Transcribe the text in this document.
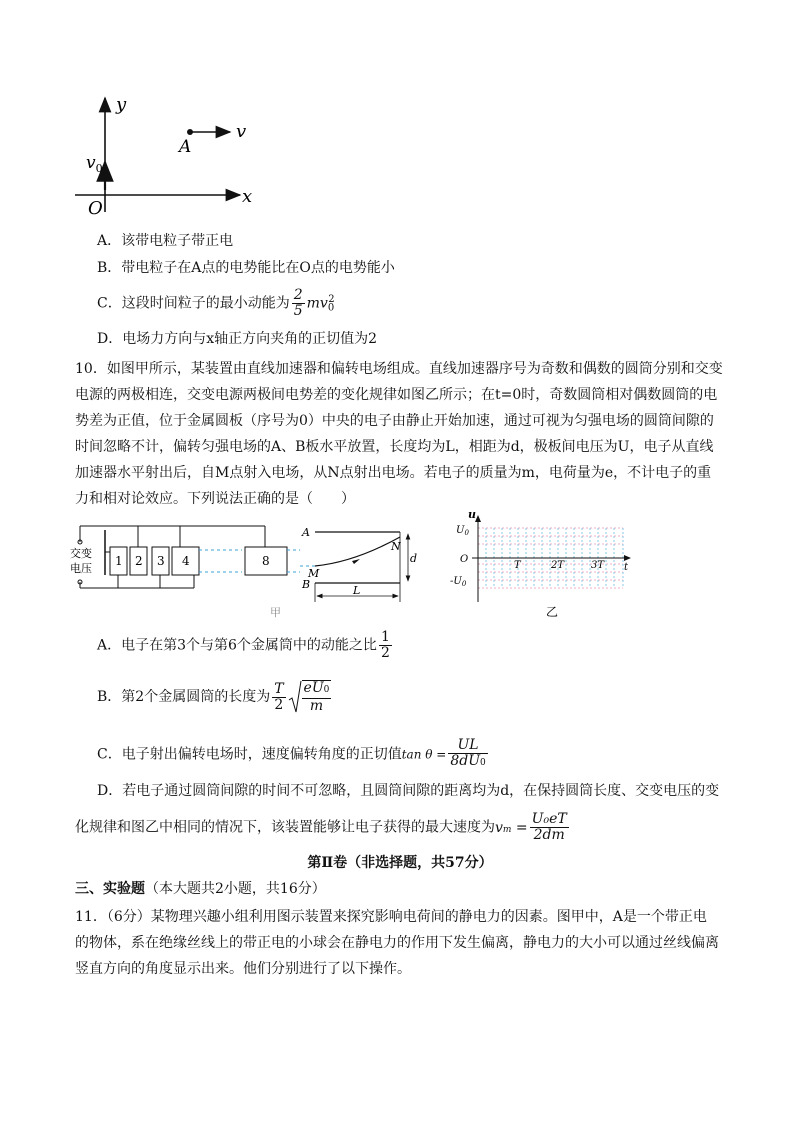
y
x
O
A
v
$v_0$
A．该带电粒子带正电
B．带电粒子在A点的电势能比在O点的电势能小
C．这段时间粒子的最小动能为 $\frac{2}{5} mv_0^2$
D．电场力方向与x轴正方向夹角的正切值为2
10．如图甲所示，某装置由直线加速器和偏转电场组成。直线加速器序号为奇数和偶数的圆筒分别和交变
电源的两极相连，交变电源两极间电势差的变化规律如图乙所示；在t=0时，奇数圆筒相对偶数圆筒的电
势差为正值，位于金属圆板（序号为0）中央的电子由静止开始加速，通过可视为匀强电场的圆筒间隙的
时间忽略不计，偏转匀强电场的A、B板水平放置，长度均为L，相距为d，极板间电压为U，电子从直线
加速器水平射出后，自M点射入电场，从N点射出电场。若电子的质量为m，电荷量为e，不计电子的重
力和相对论效应。下列说法正确的是（　　）
交变
电压
1 2 3 4	8
甲
A
B
M
N
d
L
u
$U_0$
O
$-U_0$
t
T	2T	3T
乙
A．电子在第3个与第6个金属筒中的动能之比 $\frac{1}{2}$
B．第2个金属圆筒的长度为 $\frac{T}{2} \frac{eU0}{m}$
C．电子射出偏转电场时，速度偏转角度的正切值$\tan \theta = \frac{UL}{8dU0}$
D．若电子通过圆筒间隙的时间不可忽略，且圆筒间隙的距离均为d，在保持圆筒长度、交变电压的变
化规律和图乙中相同的情况下，该装置能够让电子获得的最大速度为vm = $\frac{\text{U₀eT}}{2dm}$
第Ⅱ卷（非选择题，共57分）
三、实验题（本大题共2小题，共16分）
11．（6分）某物理兴趣小组利用图示装置来探究影响电荷间的静电力的因素。图甲中，A是一个带正电
的物体，系在绝缘丝线上的带正电的小球会在静电力的作用下发生偏离，静电力的大小可以通过丝线偏离
竖直方向的角度显示出来。他们分别进行了以下操作。
